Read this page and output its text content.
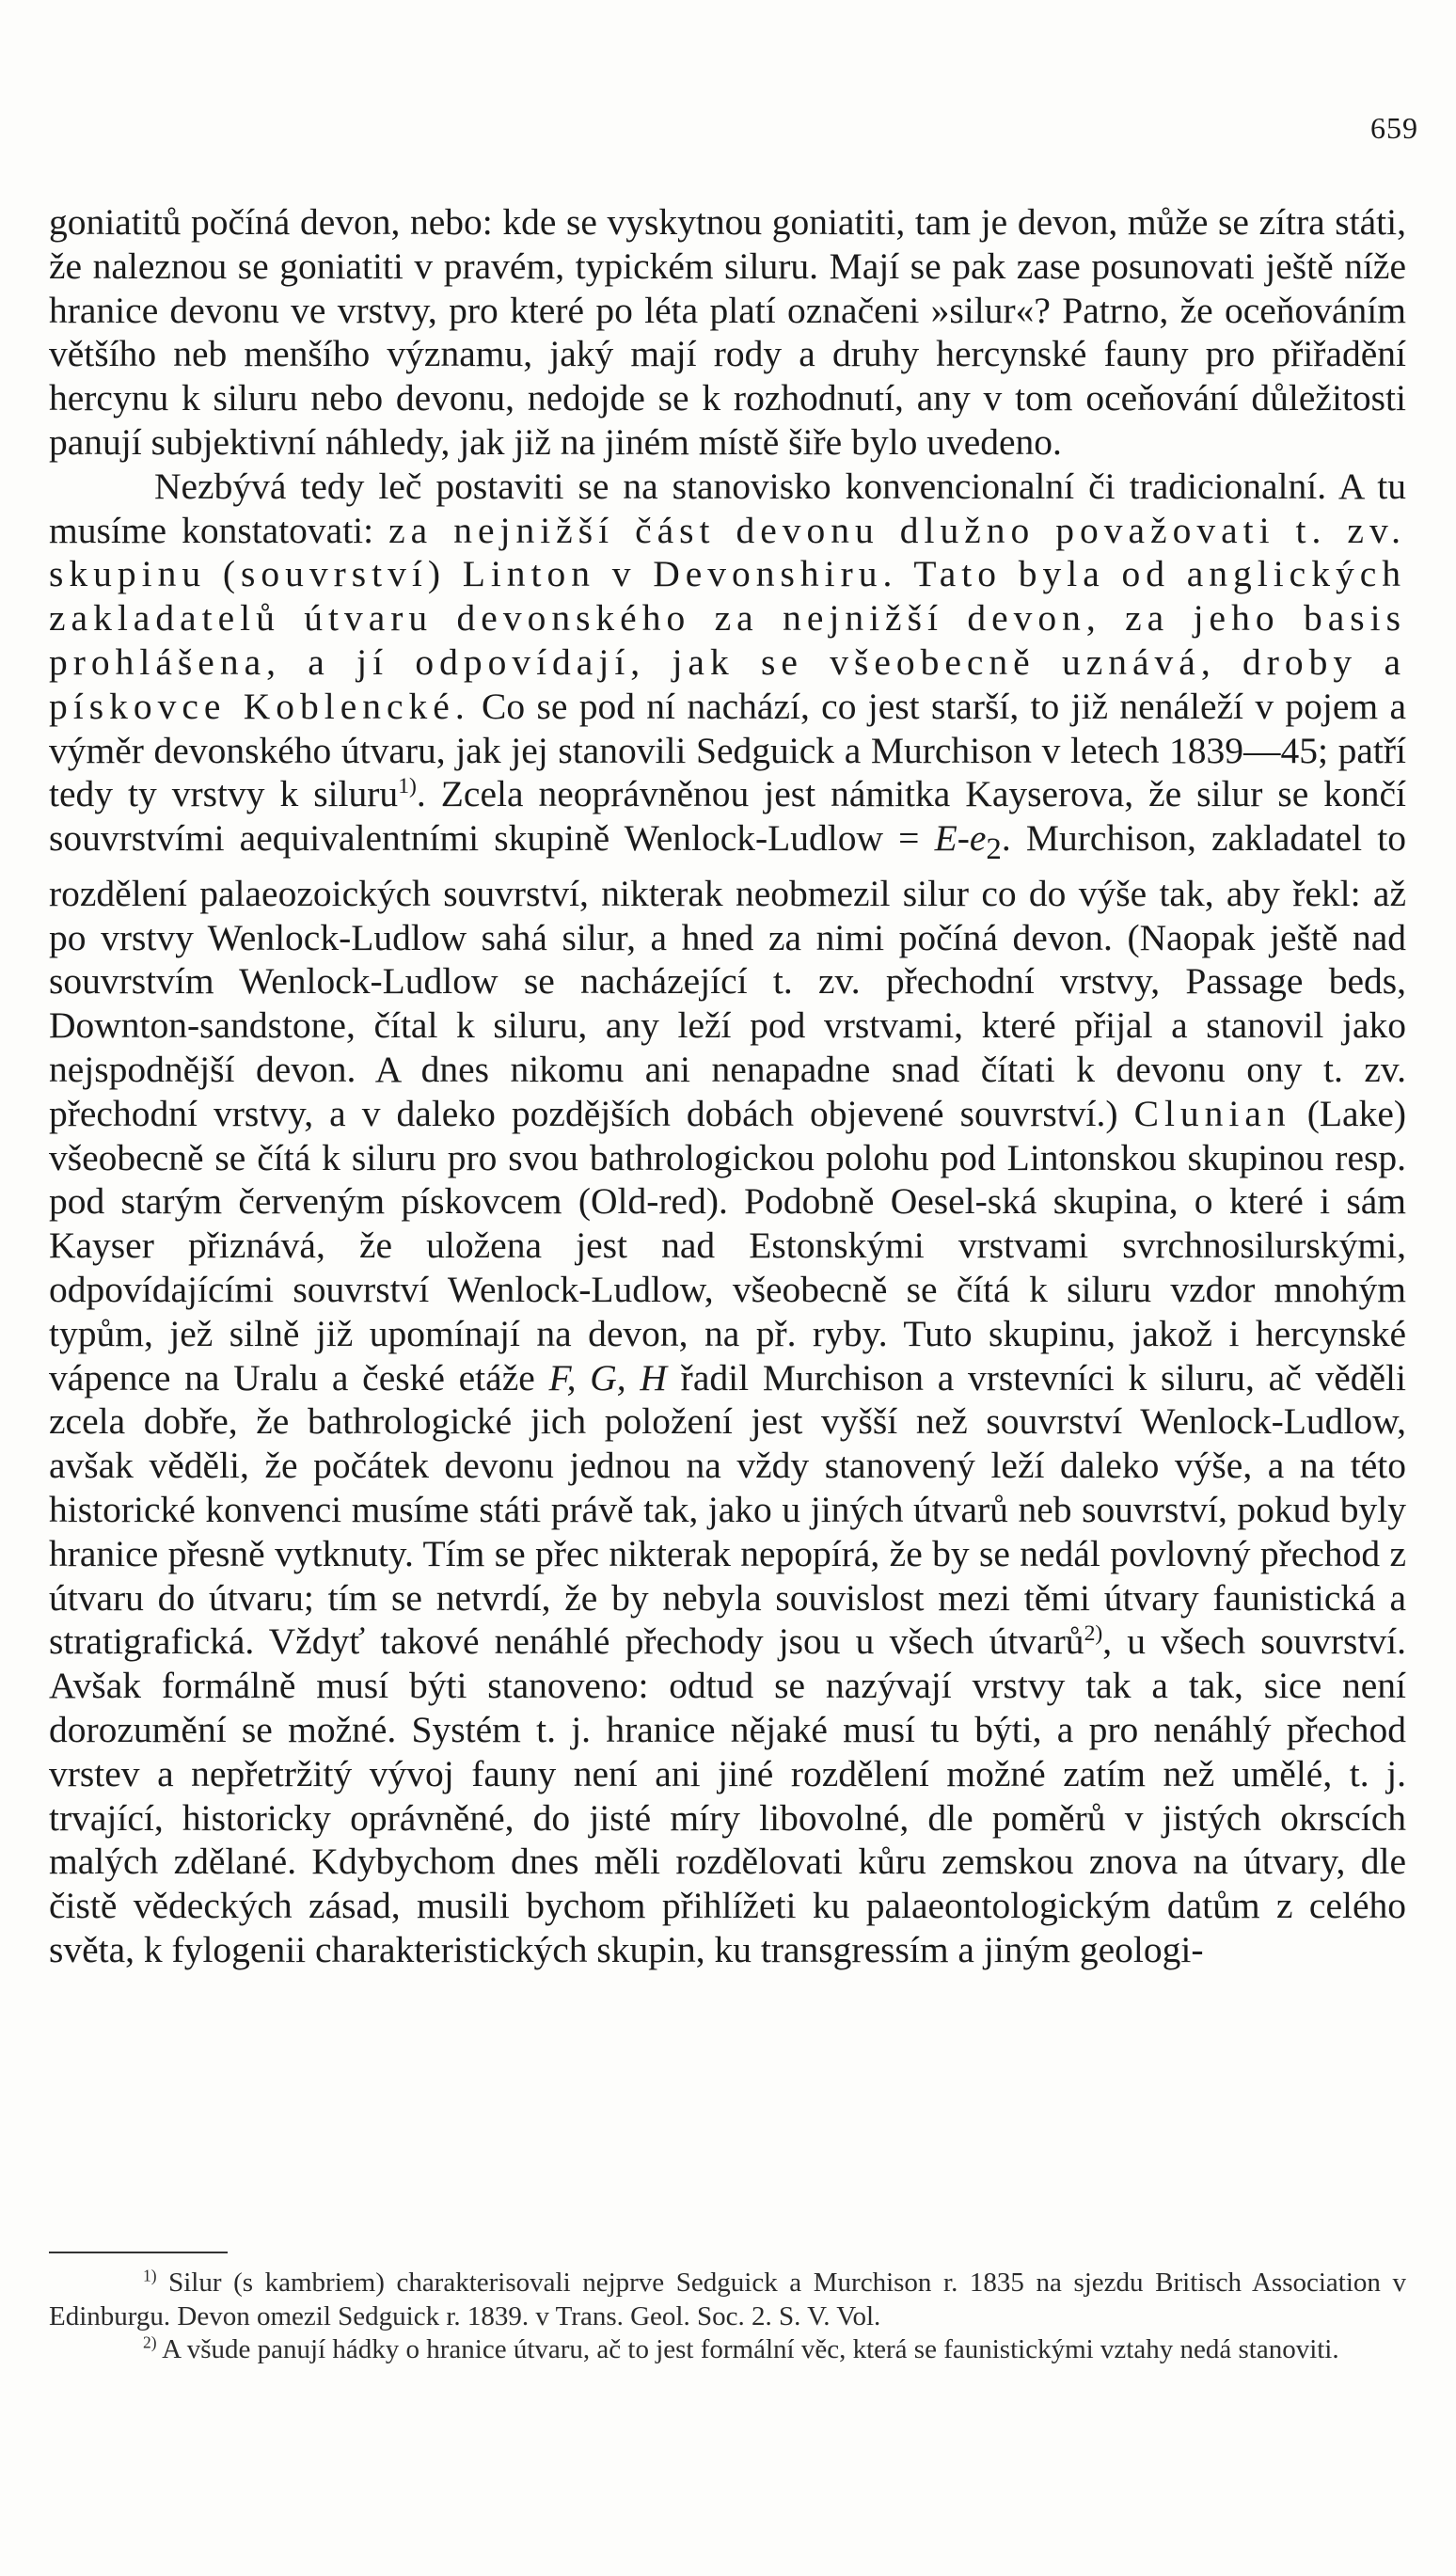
659

goniatitů počíná devon, nebo: kde se vyskytnou goniatiti, tam je devon, může se zítra státi, že naleznou se goniatiti v pravém, typickém siluru. Mají se pak zase posunovati ještě níže hranice devonu ve vrstvy, pro které po léta platí označeni »silur«? Patrno, že oceňováním většího neb menšího významu, jaký mají rody a druhy hercynské fauny pro přiřadění hercynu k siluru nebo devonu, nedojde se k rozhodnutí, any v tom oceňování důležitosti panují subjektivní náhledy, jak již na jiném místě šiře bylo uvedeno.

Nezbývá tedy leč postaviti se na stanovisko konvencionalní či tradicionalní. A tu musíme konstatovati: za nejnižší část devonu dlužno považovati t. zv. skupinu (souvrství) Linton v Devonshiru. Tato byla od anglických zakladatelů útvaru devonského za nejnižší devon, za jeho basis prohlášena, a jí odpovídají, jak se všeobecně uznává, droby a pískovce Koblencké. Co se pod ní nachází, co jest starší, to již nenáleží v pojem a výměr devonského útvaru, jak jej stanovili Sedguick a Murchison v letech 1839—45; patří tedy ty vrstvy k siluru$^{1)}$. Zcela neoprávněnou jest námitka Kayserova, že silur se končí souvrstvími aequivalentními skupině Wenlock-Ludlow = $E-e_2$. Murchison, zakladatel to rozdělení palaeozoických souvrství, nikterak neobmezil silur co do výše tak, aby řekl: až po vrstvy Wenlock-Ludlow sahá silur, a hned za nimi počíná devon. (Naopak ještě nad souvrstvím Wenlock-Ludlow se nacházející t. zv. přechodní vrstvy, Passage beds, Downton-sandstone, čítal k siluru, any leží pod vrstvami, které přijal a stanovil jako nejspodnější devon. A dnes nikomu ani nenapadne snad čítati k devonu ony t. zv. přechodní vrstvy, a v daleko pozdějších dobách objevené souvrství.) Clunian (Lake) všeobecně se čítá k siluru pro svou bathrologickou polohu pod Lintonskou skupinou resp. pod starým červeným pískovcem (Old-red). Podobně Oesel-ská skupina, o které i sám Kayser přiznává, že uložena jest nad Estonskými vrstvami svrchnosilurskými, odpovídajícími souvrství Wenlock-Ludlow, všeobecně se čítá k siluru vzdor mnohým typům, jež silně již upomínají na devon, na př. ryby. Tuto skupinu, jakož i hercynské vápence na Uralu a české etáže F, G, H řadil Murchison a vrstevníci k siluru, ač věděli zcela dobře, že bathrologické jich položení jest vyšší než souvrství Wenlock-Ludlow, avšak věděli, že počátek devonu jednou na vždy stanovený leží daleko výše, a na této historické konvenci musíme státi právě tak, jako u jiných útvarů neb souvrství, pokud byly hranice přesně vytknuty. Tím se přec nikterak nepopírá, že by se nedál povlovný přechod z útvaru do útvaru; tím se netvrdí, že by nebyla souvislost mezi těmi útvary faunistická a stratigrafická. Vždyť takové nenáhlé přechody jsou u všech útvarů$^{2)}$, u všech souvrství. Avšak formálně musí býti stanoveno: odtud se nazývají vrstvy tak a tak, sice není dorozumění se možné. Systém t. j. hranice nějaké musí tu býti, a pro nenáhlý přechod vrstev a nepřetržitý vývoj fauny není ani jiné rozdělení možné zatím než umělé, t. j. trvající, historicky oprávněné, do jisté míry libovolné, dle poměrů v jistých okrscích malých zdělané. Kdybychom dnes měli rozdělovati kůru zemskou znova na útvary, dle čistě vědeckých zásad, musili bychom přihlížeti ku palaeontologickým datům z celého světa, k fylogenii charakteristických skupin, ku transgressím a jiným geologi-

$^{1)}$ Silur (s kambriem) charakterisovali nejprve Sedguick a Murchison r. 1835 na sjezdu Britisch Association v Edinburgu. Devon omezil Sedguick r. 1839. v Trans. Geol. Soc. 2. S. V. Vol.

$^{2)}$ A všude panují hádky o hranice útvaru, ač to jest formální věc, která se faunistickými vztahy nedá stanoviti.
